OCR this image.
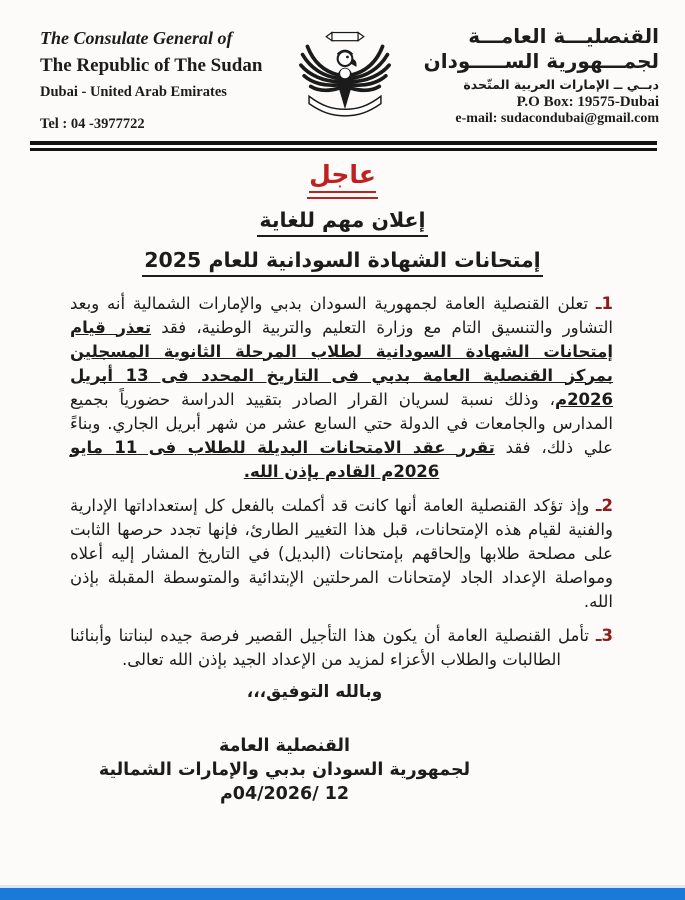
The Consulate General of
The Republic of The Sudan
Dubai - United Arab Emirates
Tel : 04 -3977722
القنصليـــة العامـــة
لجمـــهورية الســـــودان
دبــي ــ الإمارات العربية المتّحدة
P.O Box: 19575-Dubai
e-mail: sudacondubai@gmail.com
عاجل
إعلان مهم للغاية
إمتحانات الشهادة السودانية للعام 2025

1ـ تعلن القنصلية العامة لجمهورية السودان بدبي والإمارات الشمالية أنه وبعد التشاور والتنسيق التام مع وزارة التعليم والتربية الوطنية، فقد تعذر قيام إمتحانات الشهادة السودانية لطلاب المرحلة الثانوية المسجلين بمركز القنصلية العامة بدبي فى التاريخ المحدد فى 13 أبريل 2026م، وذلك نسبة لسريان القرار الصادر بتقييد الدراسة حضورياً بجميع المدارس والجامعات في الدولة حتي السابع عشر من شهر أبريل الجاري. وبناءً علي ذلك، فقد تقرر عقد الامتحانات البديلة للطلاب فى 11 مايو 2026م القادم بإذن الله.

2ـ وإذ تؤكد القنصلية العامة أنها كانت قد أكملت بالفعل كل إستعداداتها الإدارية والفنية لقيام هذه الإمتحانات، قبل هذا التغيير الطارئ، فإنها تجدد حرصها الثابت على مصلحة طلابها وإلحاقهم بإمتحانات (البديل) في التاريخ المشار إليه أعلاه ومواصلة الإعداد الجاد لإمتحانات المرحلتين الإبتدائية والمتوسطة المقبلة بإذن الله.

3ـ تأمل القنصلية العامة أن يكون هذا التأجيل القصير فرصة جيده لبناتنا وأبنائنا الطالبات والطلاب الأعزاء لمزيد من الإعداد الجيد بإذن الله تعالى.

وبالله التوفيق،،،
القنصلية العامة
لجمهورية السودان بدبي والإمارات الشمالية
12 /04/2026م
